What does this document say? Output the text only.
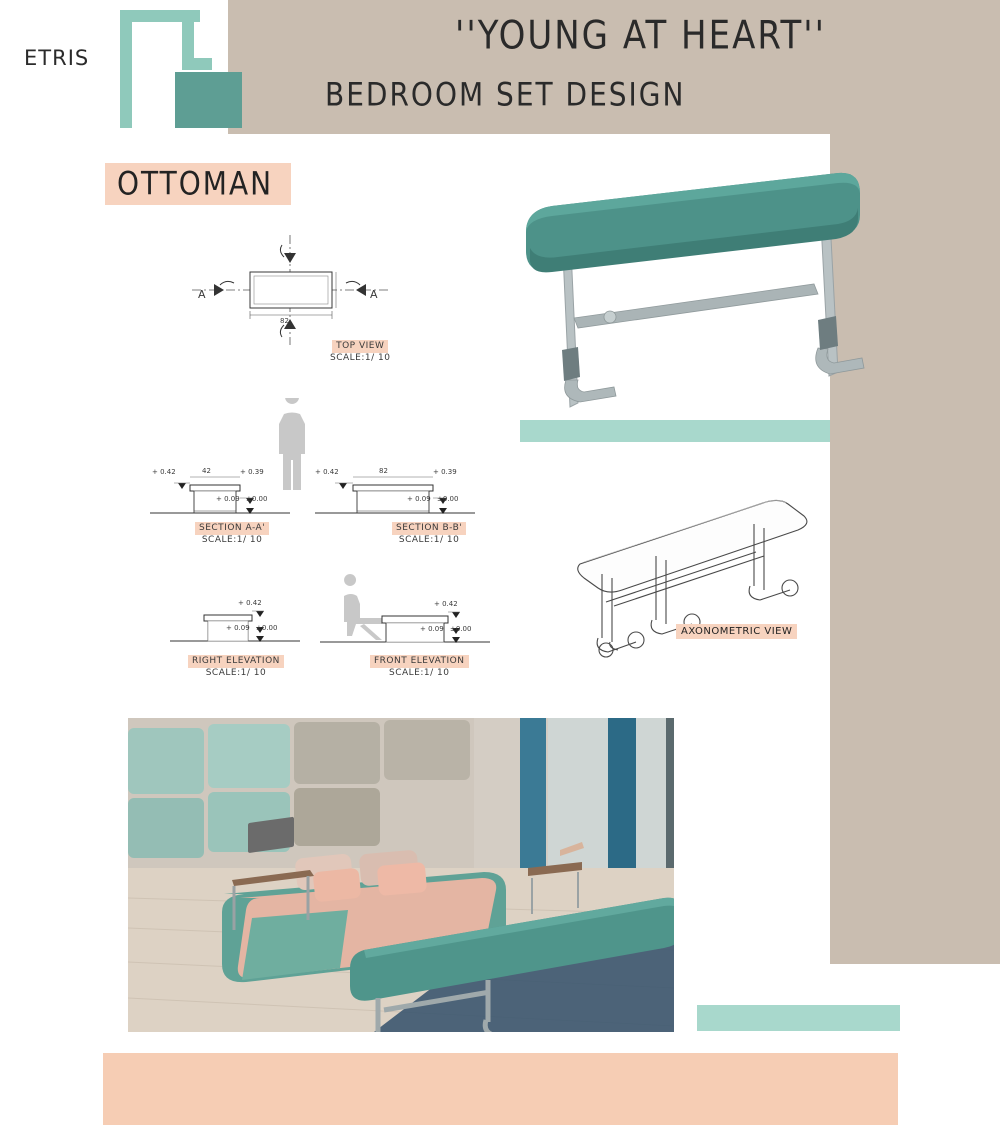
ETRIS	''YOUNG AT HEART''
BEDROOM SET DESIGN
OTTOMAN
82
A	A
TOP VIEW
SCALE:1/ 10
+ 0.42	42	+ 0.39
+ 0.09 ±0.00
SECTION A-A'
SCALE:1/ 10
+ 0.42	82	+ 0.39
+ 0.09 ±0.00
SECTION B-B'
SCALE:1/ 10
+ 0.42
+ 0.09 ±0.00
RIGHT ELEVATION
SCALE:1/ 10
+ 0.42
+ 0.09 ±0.00
FRONT ELEVATION
SCALE:1/ 10
AXONOMETRIC VIEW
